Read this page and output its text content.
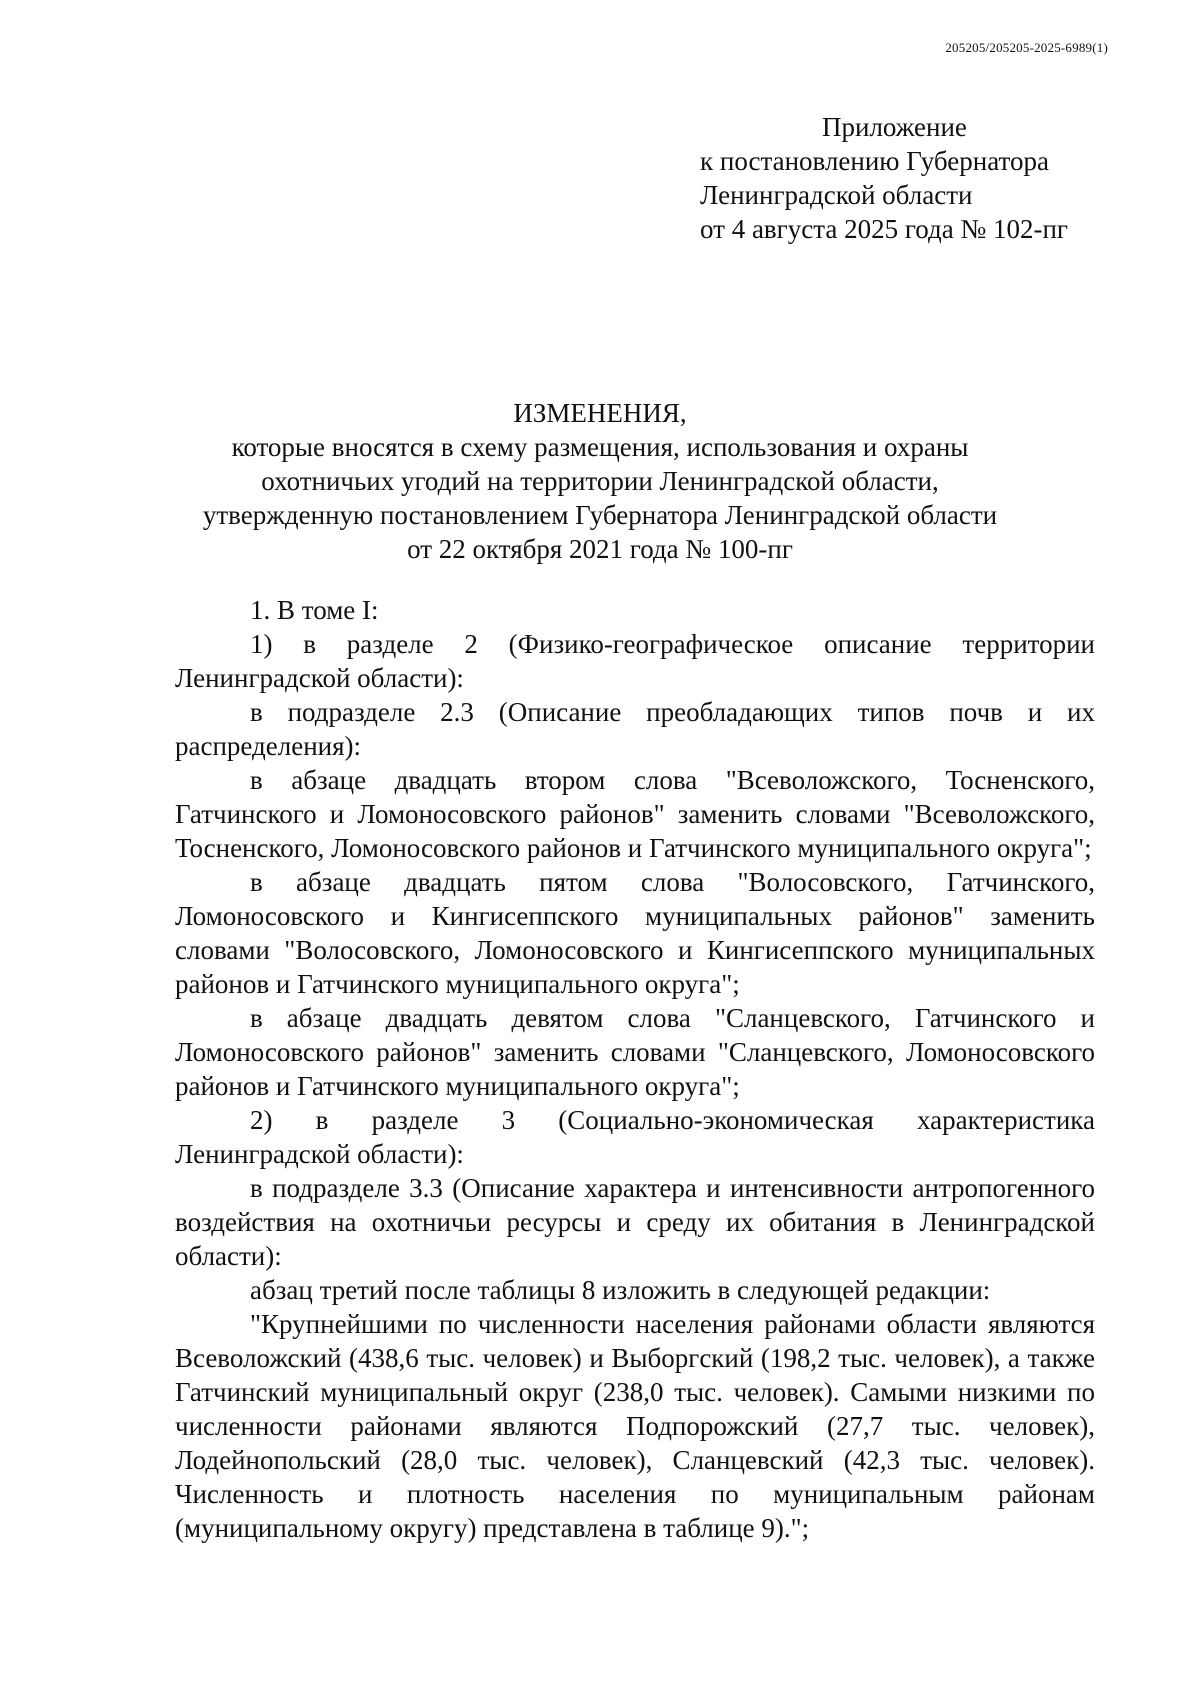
205205/205205-2025-6989(1)
Приложение
к постановлению Губернатора
Ленинградской области
от 4 августа 2025 года № 102-пг
ИЗМЕНЕНИЯ,
которые вносятся в схему размещения, использования и охраны
охотничьих угодий на территории Ленинградской области,
утвержденную постановлением Губернатора Ленинградской области
от 22 октября 2021 года № 100-пг

1. В томе I:

1) в разделе 2 (Физико-географическое описание территории Ленинградской области):

в подразделе 2.3 (Описание преобладающих типов почв и их распределения):

в абзаце двадцать втором слова "Всеволожского, Тосненского, Гатчинского и Ломоносовского районов" заменить словами "Всеволожского, Тосненского, Ломоносовского районов и Гатчинского муниципального округа";

в абзаце двадцать пятом слова "Волосовского, Гатчинского, Ломоносовского и Кингисеппского муниципальных районов" заменить словами "Волосовского, Ломоносовского и Кингисеппского муниципальных районов и Гатчинского муниципального округа";

в абзаце двадцать девятом слова "Сланцевского, Гатчинского и Ломоносовского районов" заменить словами "Сланцевского, Ломоносовского районов и Гатчинского муниципального округа";

2) в разделе 3 (Социально-экономическая характеристика Ленинградской области):

в подразделе 3.3 (Описание характера и интенсивности антропогенного воздействия на охотничьи ресурсы и среду их обитания в Ленинградской области):

абзац третий после таблицы 8 изложить в следующей редакции:

"Крупнейшими по численности населения районами области являются Всеволожский (438,6 тыс. человек) и Выборгский (198,2 тыс. человек), а также Гатчинский муниципальный округ (238,0 тыс. человек). Самыми низкими по численности районами являются Подпорожский (27,7 тыс. человек), Лодейнопольский (28,0 тыс. человек), Сланцевский (42,3 тыс. человек). Численность и плотность населения по муниципальным районам (муниципальному округу) представлена в таблице 9).";
